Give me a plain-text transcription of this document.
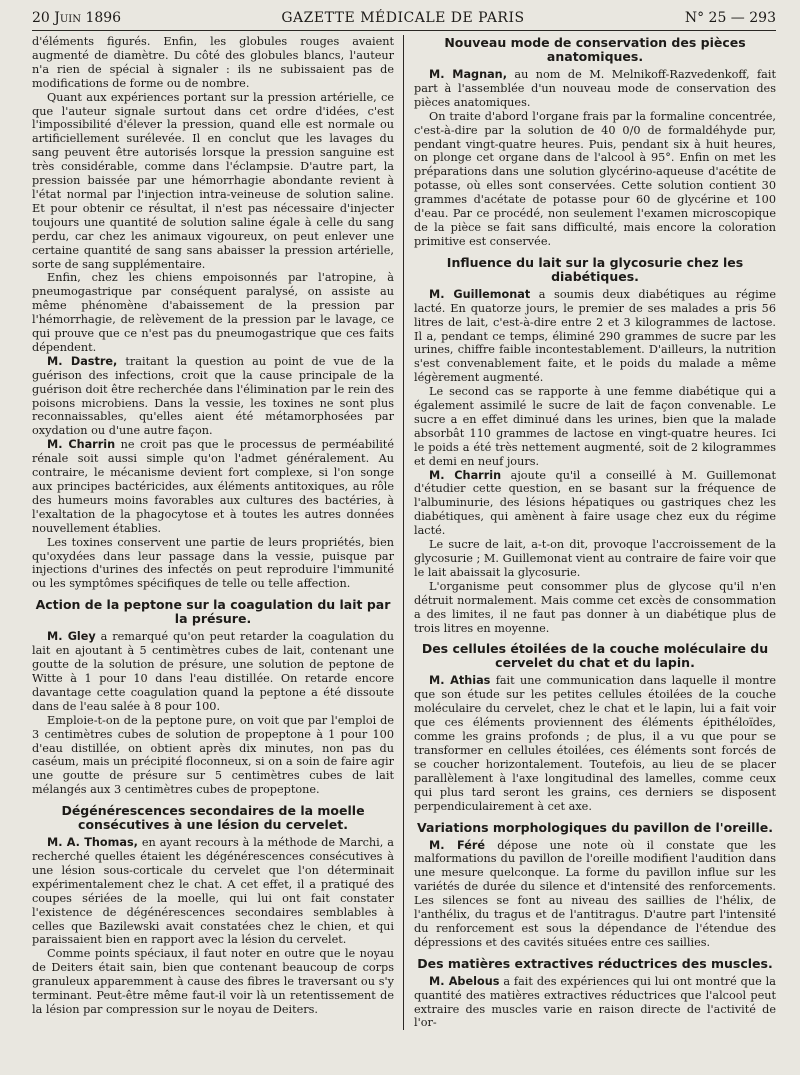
20 Juin 1896	GAZETTE MÉDICALE DE PARIS	N° 25 — 293

d'éléments figurés. Enfin, les globules rouges avaient augmenté de diamètre. Du côté des globules blancs, l'auteur n'a rien de spécial à signaler : ils ne subissaient pas de modifications de forme ou de nombre.

Quant aux expériences portant sur la pression artérielle, ce que l'auteur signale surtout dans cet ordre d'idées, c'est l'impossibilité d'élever la pression, quand elle est normale ou artificiellement surélevée. Il en conclut que les lavages du sang peuvent être autorisés lorsque la pression sanguine est très considérable, comme dans l'éclampsie. D'autre part, la pression baissée par une hémorrhagie abondante revient à l'état normal par l'injection intra-veineuse de solution saline. Et pour obtenir ce résultat, il n'est pas nécessaire d'injecter toujours une quantité de solution saline égale à celle du sang perdu, car chez les animaux vigoureux, on peut enlever une certaine quantité de sang sans abaisser la pression artérielle, sorte de sang supplémentaire.

Enfin, chez les chiens empoisonnés par l'atropine, à pneumogastrique par conséquent paralysé, on assiste au même phénomène d'abaissement de la pression par l'hémorrhagie, de relèvement de la pression par le lavage, ce qui prouve que ce n'est pas du pneumogastrique que ces faits dépendent.

M. Dastre, traitant la question au point de vue de la guérison des infections, croit que la cause principale de la guérison doit être recherchée dans l'élimination par le rein des poisons microbiens. Dans la vessie, les toxines ne sont plus reconnaissables, qu'elles aient été métamorphosées par oxydation ou d'une autre façon.

M. Charrin ne croit pas que le processus de perméabilité rénale soit aussi simple qu'on l'admet généralement. Au contraire, le mécanisme devient fort complexe, si l'on songe aux principes bactéricides, aux éléments antitoxiques, au rôle des humeurs moins favorables aux cultures des bactéries, à l'exaltation de la phagocytose et à toutes les autres données nouvellement établies.

Les toxines conservent une partie de leurs propriétés, bien qu'oxydées dans leur passage dans la vessie, puisque par injections d'urines des infectés on peut reproduire l'immunité ou les symptômes spécifiques de telle ou telle affection.

Action de la peptone sur la coagulation du lait par la présure.

M. Gley a remarqué qu'on peut retarder la coagulation du lait en ajoutant à 5 centimètres cubes de lait, contenant une goutte de la solution de présure, une solution de peptone de Witte à 1 pour 10 dans l'eau distillée. On retarde encore davantage cette coagulation quand la peptone a été dissoute dans de l'eau salée à 8 pour 100.

Emploie-t-on de la peptone pure, on voit que par l'emploi de 3 centimètres cubes de solution de propeptone à 1 pour 100 d'eau distillée, on obtient après dix minutes, non pas du caséum, mais un précipité floconneux, si on a soin de faire agir une goutte de présure sur 5 centimètres cubes de lait mélangés aux 3 centimètres cubes de propeptone.

Dégénérescences secondaires de la moelle consécutives à une lésion du cervelet.

M. A. Thomas, en ayant recours à la méthode de Marchi, a recherché quelles étaient les dégénérescences consécutives à une lésion sous-corticale du cervelet que l'on déterminait expérimentalement chez le chat. A cet effet, il a pratiqué des coupes sériées de la moelle, qui lui ont fait constater l'existence de dégénérescences secondaires semblables à celles que Bazilewski avait constatées chez le chien, et qui paraissaient bien en rapport avec la lésion du cervelet.

Comme points spéciaux, il faut noter en outre que le noyau de Deiters était sain, bien que contenant beaucoup de corps granuleux apparemment à cause des fibres le traversant ou s'y terminant. Peut-être même faut-il voir là un retentissement de la lésion par compression sur le noyau de Deiters.

Nouveau mode de conservation des pièces anatomiques.

M. Magnan, au nom de M. Melnikoff-Razvedenkoff, fait part à l'assemblée d'un nouveau mode de conservation des pièces anatomiques.

On traite d'abord l'organe frais par la formaline concentrée, c'est-à-dire par la solution de 40 0/0 de formaldéhyde pur, pendant vingt-quatre heures. Puis, pendant six à huit heures, on plonge cet organe dans de l'alcool à 95°. Enfin on met les préparations dans une solution glycérino-aqueuse d'acétite de potasse, où elles sont conservées. Cette solution contient 30 grammes d'acétate de potasse pour 60 de glycérine et 100 d'eau. Par ce procédé, non seulement l'examen microscopique de la pièce se fait sans difficulté, mais encore la coloration primitive est conservée.

Influence du lait sur la glycosurie chez les diabétiques.

M. Guillemonat a soumis deux diabétiques au régime lacté. En quatorze jours, le premier de ses malades a pris 56 litres de lait, c'est-à-dire entre 2 et 3 kilogrammes de lactose. Il a, pendant ce temps, éliminé 290 grammes de sucre par les urines, chiffre faible incontestablement. D'ailleurs, la nutrition s'est convenablement faite, et le poids du malade a même légèrement augmenté.

Le second cas se rapporte à une femme diabétique qui a également assimilé le sucre de lait de façon convenable. Le sucre a en effet diminué dans les urines, bien que la malade absorbât 110 grammes de lactose en vingt-quatre heures. Ici le poids a été très nettement augmenté, soit de 2 kilogrammes et demi en neuf jours.

M. Charrin ajoute qu'il a conseillé à M. Guillemonat d'étudier cette question, en se basant sur la fréquence de l'albuminurie, des lésions hépatiques ou gastriques chez les diabétiques, qui amènent à faire usage chez eux du régime lacté.

Le sucre de lait, a-t-on dit, provoque l'accroissement de la glycosurie ; M. Guillemonat vient au contraire de faire voir que le lait abaissait la glycosurie.

L'organisme peut consommer plus de glycose qu'il n'en détruit normalement. Mais comme cet excès de consommation a des limites, il ne faut pas donner à un diabétique plus de trois litres en moyenne.

Des cellules étoilées de la couche moléculaire du cervelet du chat et du lapin.

M. Athias fait une communication dans laquelle il montre que son étude sur les petites cellules étoilées de la couche moléculaire du cervelet, chez le chat et le lapin, lui a fait voir que ces éléments proviennent des éléments épithéloïdes, comme les grains profonds ; de plus, il a vu que pour se transformer en cellules étoilées, ces éléments sont forcés de se coucher horizontalement. Toutefois, au lieu de se placer parallèlement à l'axe longitudinal des lamelles, comme ceux qui plus tard seront les grains, ces derniers se disposent perpendiculairement à cet axe.

Variations morphologiques du pavillon de l'oreille.

M. Féré dépose une note où il constate que les malformations du pavillon de l'oreille modifient l'audition dans une mesure quelconque. La forme du pavillon influe sur les variétés de durée du silence et d'intensité des renforcements. Les silences se font au niveau des saillies de l'hélix, de l'anthélix, du tragus et de l'antitragus. D'autre part l'intensité du renforcement est sous la dépendance de l'étendue des dépressions et des cavités situées entre ces saillies.

Des matières extractives réductrices des muscles.

M. Abelous a fait des expériences qui lui ont montré que la quantité des matières extractives réductrices que l'alcool peut extraire des muscles varie en raison directe de l'activité de l'or-
